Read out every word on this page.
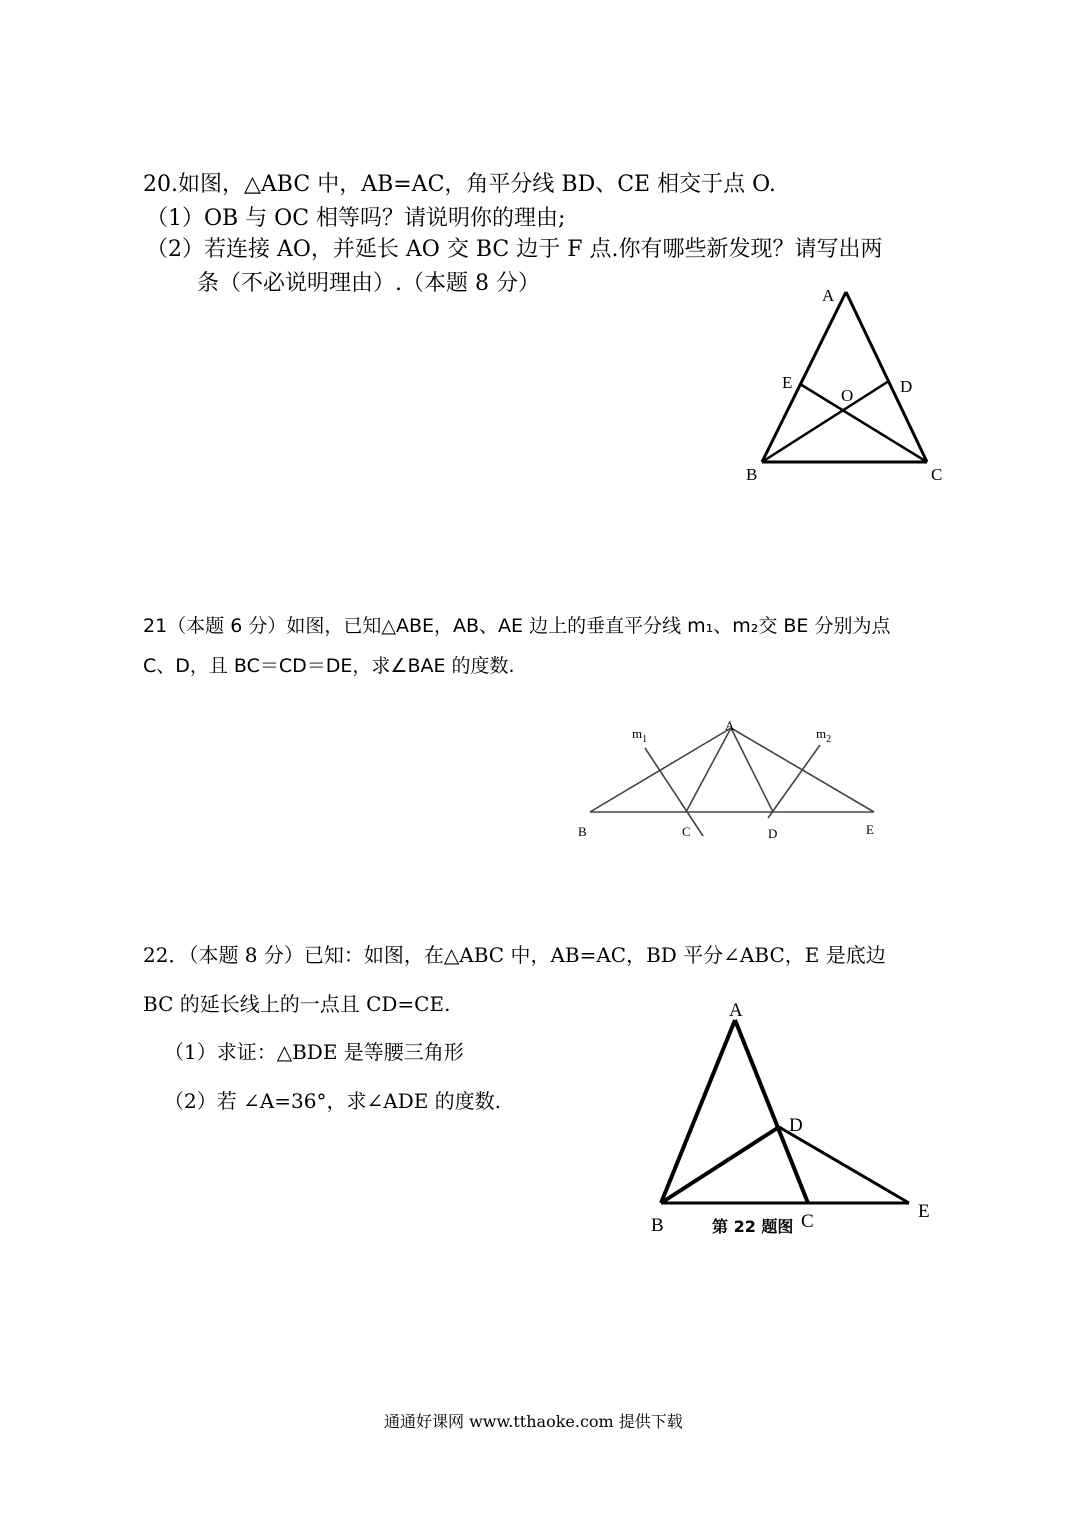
20.如图，△ABC 中，AB=AC，角平分线 BD、CE 相交于点 O.
（1）OB 与 OC 相等吗？请说明你的理由;
（2）若连接 AO，并延长 AO 交 BC 边于 F 点.你有哪些新发现？请写出两
条（不必说明理由）.（本题 8 分）	A
E
O	D
B	C
21（本题 6 分）如图，已知△ABE，AB、AE 边上的垂直平分线 m₁、m₂交 BE 分别为点
C、D，且 BC＝CD＝DE，求∠BAE 的度数.
$m_1$
A
$m_2$
B	C	D	E
22．（本题 8 分）已知：如图，在△ABC 中，AB=AC，BD 平分∠ABC，E 是底边
BC 的延长线上的一点且 CD=CE.
（1）求证：△BDE 是等腰三角形
（2）若 ∠A=36°，求∠ADE 的度数.
A
D
B	第 22 题图 C	E
通通好课网 www.tthaoke.com 提供下载
